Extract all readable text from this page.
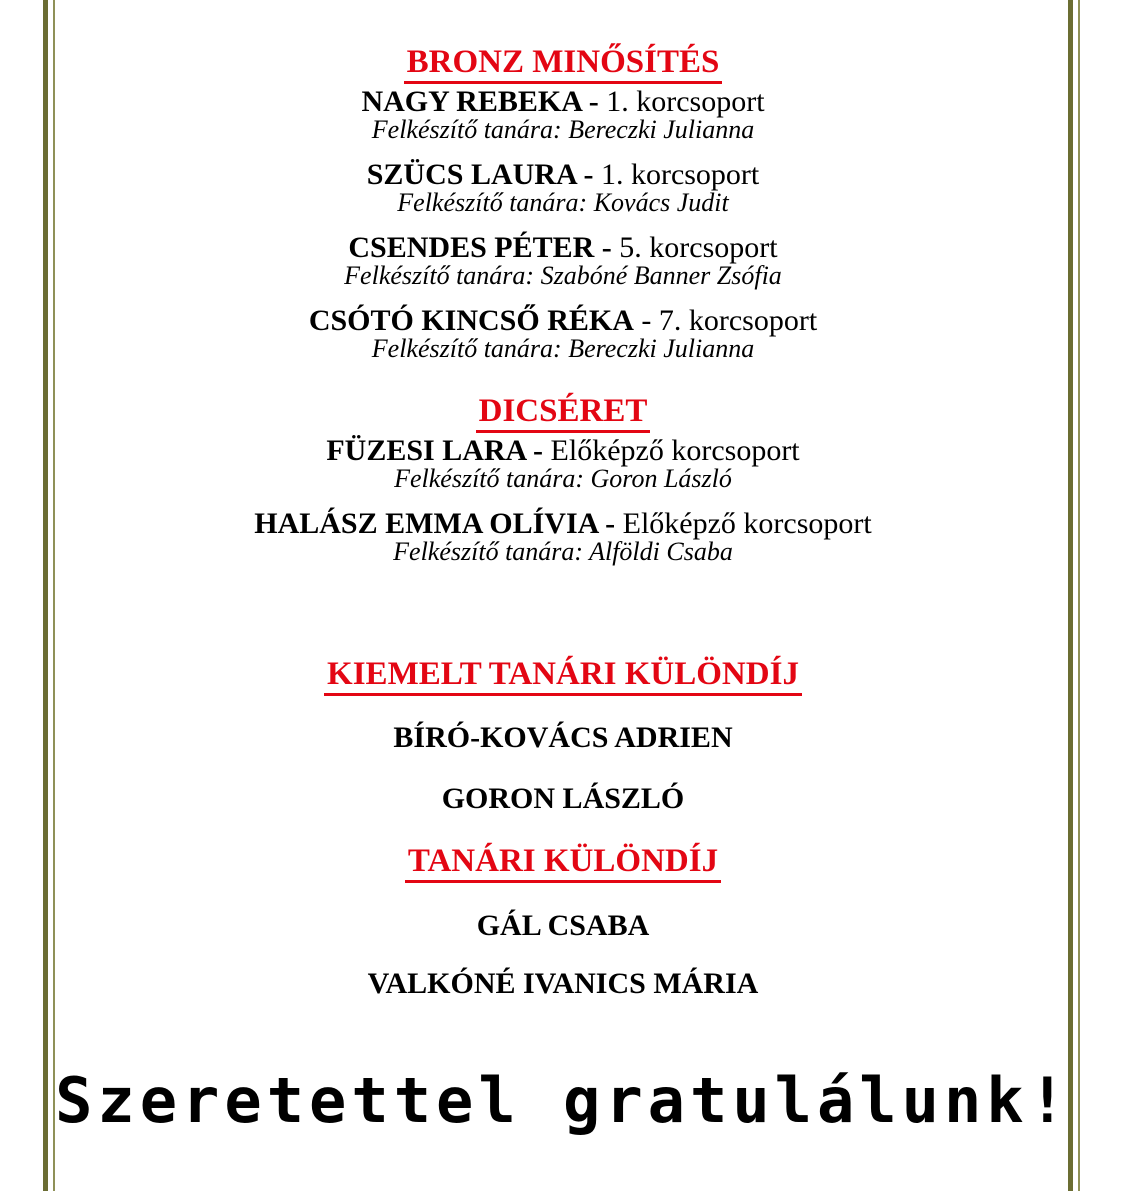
BRONZ MINŐSÍTÉS
NAGY REBEKA - 1. korcsoport
Felkészítő tanára: Bereczki Julianna
SZÜCS LAURA - 1. korcsoport
Felkészítő tanára: Kovács Judit
CSENDES PÉTER - 5. korcsoport
Felkészítő tanára: Szabóné Banner Zsófia
CSÓTÓ KINCSŐ RÉKA - 7. korcsoport
Felkészítő tanára: Bereczki Julianna
DICSÉRET
FÜZESI LARA - Előképző korcsoport
Felkészítő tanára: Goron László
HALÁSZ EMMA OLÍVIA - Előképző korcsoport
Felkészítő tanára: Alföldi Csaba
KIEMELT TANÁRI KÜLÖNDÍJ
BÍRÓ-KOVÁCS ADRIEN
GORON LÁSZLÓ
TANÁRI KÜLÖNDÍJ
GÁL CSABA
VALKÓNÉ IVANICS MÁRIA
Szeretettel gratulálunk!
